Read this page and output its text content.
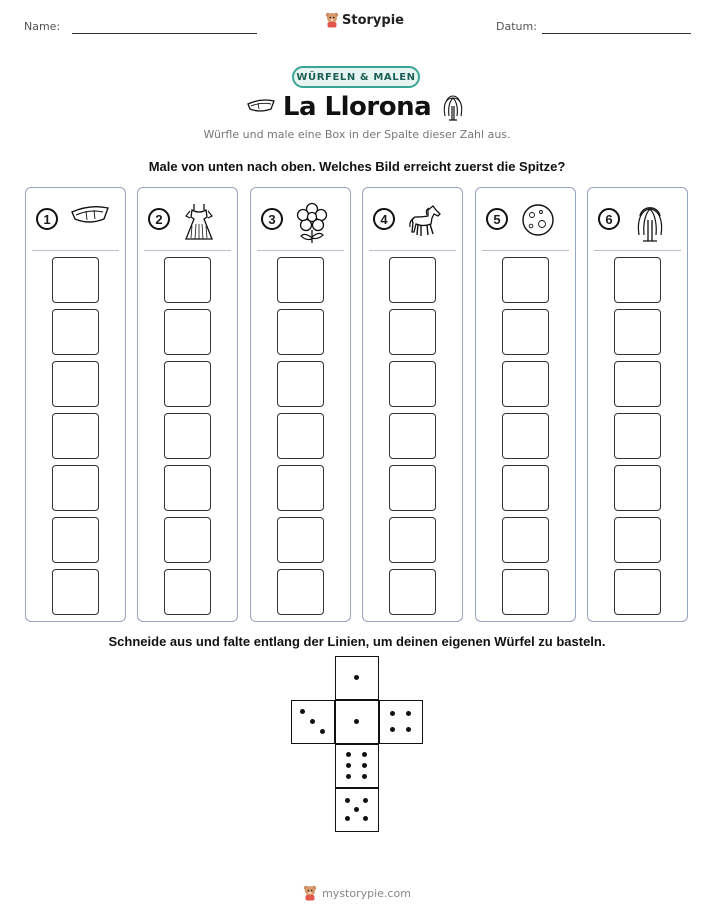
Name:	Storypie	Datum:
WÜRFELN & MALEN
La Llorona
Würfle und male eine Box in der Spalte dieser Zahl aus.
Male von unten nach oben. Welches Bild erreicht zuerst die Spitze?
1	2	3	4	5	6
Schneide aus und falte entlang der Linien, um deinen eigenen Würfel zu basteln.
mystorypie.com
